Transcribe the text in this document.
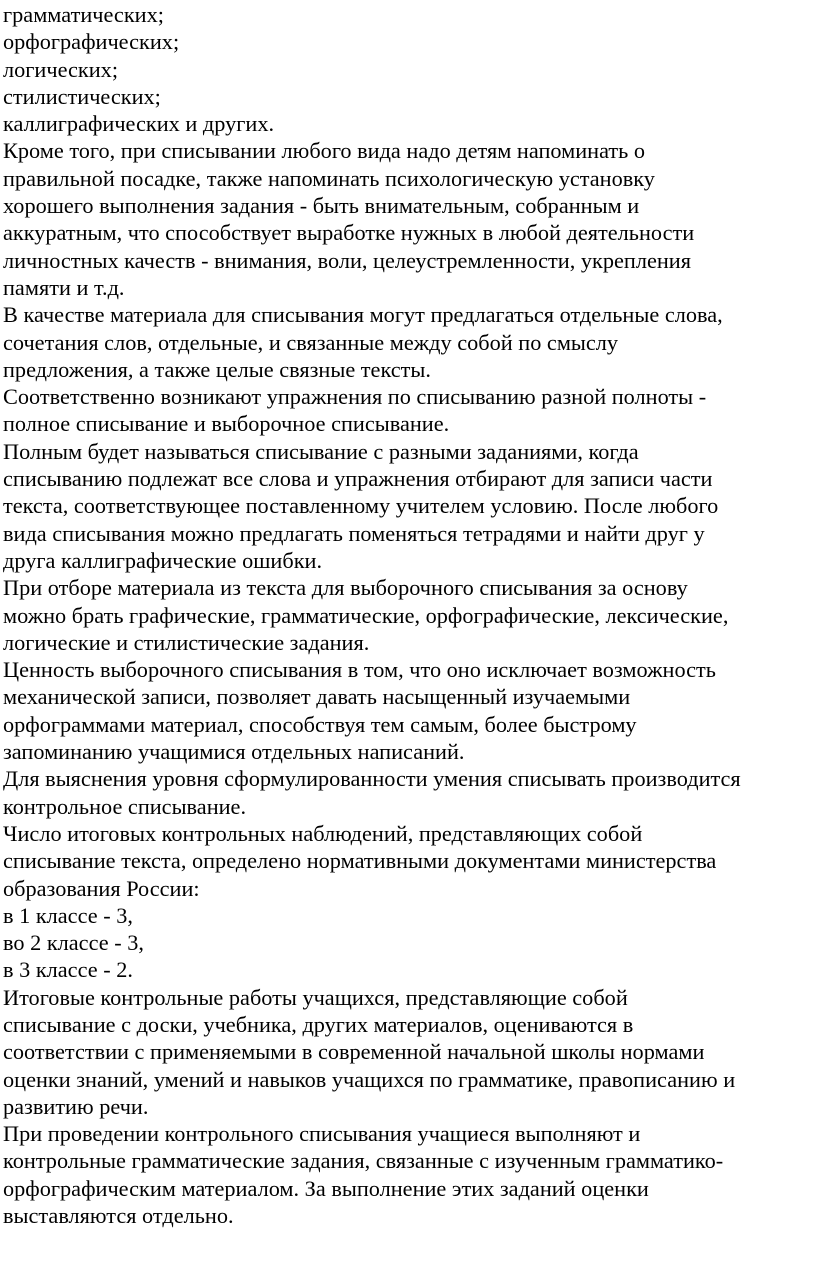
грамматических;
орфографических;
логических;
стилистических;
каллиграфических и других.
Кроме того, при списывании любого вида надо детям напоминать о
правильной посадке, также напоминать психологическую установку
хорошего выполнения задания - быть внимательным, собранным и
аккуратным, что способствует выработке нужных в любой деятельности
личностных качеств - внимания, воли, целеустремленности, укрепления
памяти и т.д.
В качестве материала для списывания могут предлагаться отдельные слова,
сочетания слов, отдельные, и связанные между собой по смыслу
предложения, а также целые связные тексты.
Соответственно возникают упражнения по списыванию разной полноты -
полное списывание и выборочное списывание.
Полным будет называться списывание с разными заданиями, когда
списыванию подлежат все слова и упражнения отбирают для записи части
текста, соответствующее поставленному учителем условию. После любого
вида списывания можно предлагать поменяться тетрадями и найти друг у
друга каллиграфические ошибки.
При отборе материала из текста для выборочного списывания за основу
можно брать графические, грамматические, орфографические, лексические,
логические и стилистические задания.
Ценность выборочного списывания в том, что оно исключает возможность
механической записи, позволяет давать насыщенный изучаемыми
орфограммами материал, способствуя тем самым, более быстрому
запоминанию учащимися отдельных написаний.
Для выяснения уровня сформулированности умения списывать производится
контрольное списывание.
Число итоговых контрольных наблюдений, представляющих собой
списывание текста, определено нормативными документами министерства
образования России:
в 1 классе - 3,
во 2 классе - 3,
в 3 классе - 2.
Итоговые контрольные работы учащихся, представляющие собой
списывание с доски, учебника, других материалов, оцениваются в
соответствии с применяемыми в современной начальной школы нормами
оценки знаний, умений и навыков учащихся по грамматике, правописанию и
развитию речи.
При проведении контрольного списывания учащиеся выполняют и
контрольные грамматические задания, связанные с изученным грамматико-
орфографическим материалом. За выполнение этих заданий оценки
выставляются отдельно.
